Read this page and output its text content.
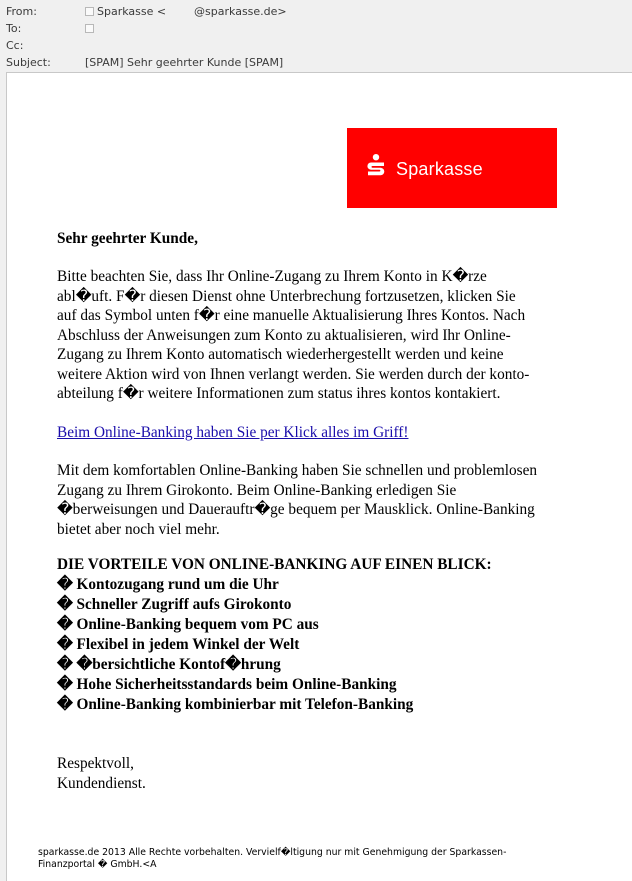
From:	Sparkasse <        @sparkasse.de>
To:
Cc:
Subject:	[SPAM] Sehr geehrter Kunde [SPAM]
Sparkasse
Sehr geehrter Kunde,
Bitte beachten Sie, dass Ihr Online-Zugang zu Ihrem Konto in K�rze
abl�uft. F�r diesen Dienst ohne Unterbrechung fortzusetzen, klicken Sie
auf das Symbol unten f�r eine manuelle Aktualisierung Ihres Kontos. Nach
Abschluss der Anweisungen zum Konto zu aktualisieren, wird Ihr Online-
Zugang zu Ihrem Konto automatisch wiederhergestellt werden und keine
weitere Aktion wird von Ihnen verlangt werden. Sie werden durch der konto-
abteilung f�r weitere Informationen zum status ihres kontos kontakiert.
Beim Online-Banking haben Sie per Klick alles im Griff!
Mit dem komfortablen Online-Banking haben Sie schnellen und problemlosen
Zugang zu Ihrem Girokonto. Beim Online-Banking erledigen Sie
�berweisungen und Dauerauftr�ge bequem per Mausklick. Online-Banking
bietet aber noch viel mehr.
DIE VORTEILE VON ONLINE-BANKING AUF EINEN BLICK:
� Kontozugang rund um die Uhr
� Schneller Zugriff aufs Girokonto
� Online-Banking bequem vom PC aus
� Flexibel in jedem Winkel der Welt
� �bersichtliche Kontof�hrung
� Hohe Sicherheitsstandards beim Online-Banking
� Online-Banking kombinierbar mit Telefon-Banking
Respektvoll,
Kundendienst.
sparkasse.de 2013 Alle Rechte vorbehalten. Vervielf�ltigung nur mit Genehmigung der Sparkassen-
Finanzportal � GmbH.<A
